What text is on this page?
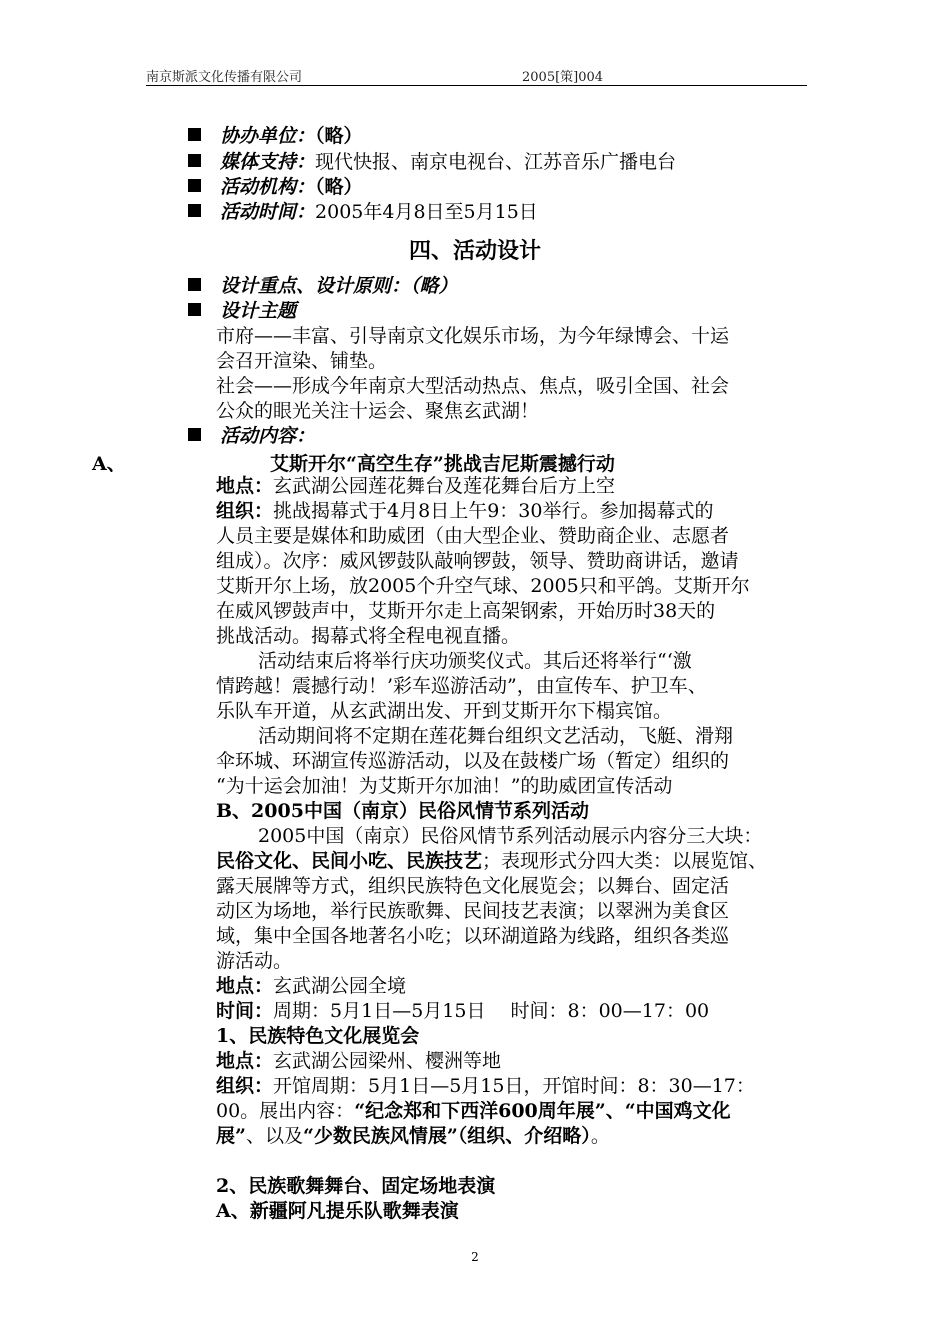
南京斯派文化传播有限公司	2005[策]004
协办单位：（略）
媒体支持：现代快报、南京电视台、江苏音乐广播电台
活动机构：（略）
活动时间：2005年4月8日至5月15日
四、活动设计
设计重点、设计原则：（略）
设计主题
市府——丰富、引导南京文化娱乐市场，为今年绿博会、十运
会召开渲染、铺垫。
社会——形成今年南京大型活动热点、焦点，吸引全国、社会
公众的眼光关注十运会、聚焦玄武湖！
活动内容：
A、	艾斯开尔“高空生存”挑战吉尼斯震撼行动
地点：玄武湖公园莲花舞台及莲花舞台后方上空
组织：挑战揭幕式于4月8日上午9：30举行。参加揭幕式的
人员主要是媒体和助威团（由大型企业、赞助商企业、志愿者
组成）。次序：威风锣鼓队敲响锣鼓，领导、赞助商讲话，邀请
艾斯开尔上场，放2005个升空气球、2005只和平鸽。艾斯开尔
在威风锣鼓声中，艾斯开尔走上高架钢索，开始历时38天的
挑战活动。揭幕式将全程电视直播。
活动结束后将举行庆功颁奖仪式。其后还将举行“‘激
情跨越！震撼行动！’彩车巡游活动”，由宣传车、护卫车、
乐队车开道，从玄武湖出发、开到艾斯开尔下榻宾馆。
活动期间将不定期在莲花舞台组织文艺活动，飞艇、滑翔
伞环城、环湖宣传巡游活动，以及在鼓楼广场（暂定）组织的
“为十运会加油！为艾斯开尔加油！”的助威团宣传活动
B、2005中国（南京）民俗风情节系列活动
2005中国（南京）民俗风情节系列活动展示内容分三大块：
民俗文化、民间小吃、民族技艺；表现形式分四大类：以展览馆、
露天展牌等方式，组织民族特色文化展览会；以舞台、固定活
动区为场地，举行民族歌舞、民间技艺表演；以翠洲为美食区
域，集中全国各地著名小吃；以环湖道路为线路，组织各类巡
游活动。
地点：玄武湖公园全境
时间：周期：5月1日—5月15日　 时间：8：00—17：00
1、民族特色文化展览会
地点：玄武湖公园梁州、樱洲等地
组织：开馆周期：5月1日—5月15日，开馆时间：8：30—17：
00。展出内容：“纪念郑和下西洋600周年展”、“中国鸡文化
展”、以及“少数民族风情展”（组织、介绍略）。
2、民族歌舞舞台、固定场地表演
A、新疆阿凡提乐队歌舞表演
2
